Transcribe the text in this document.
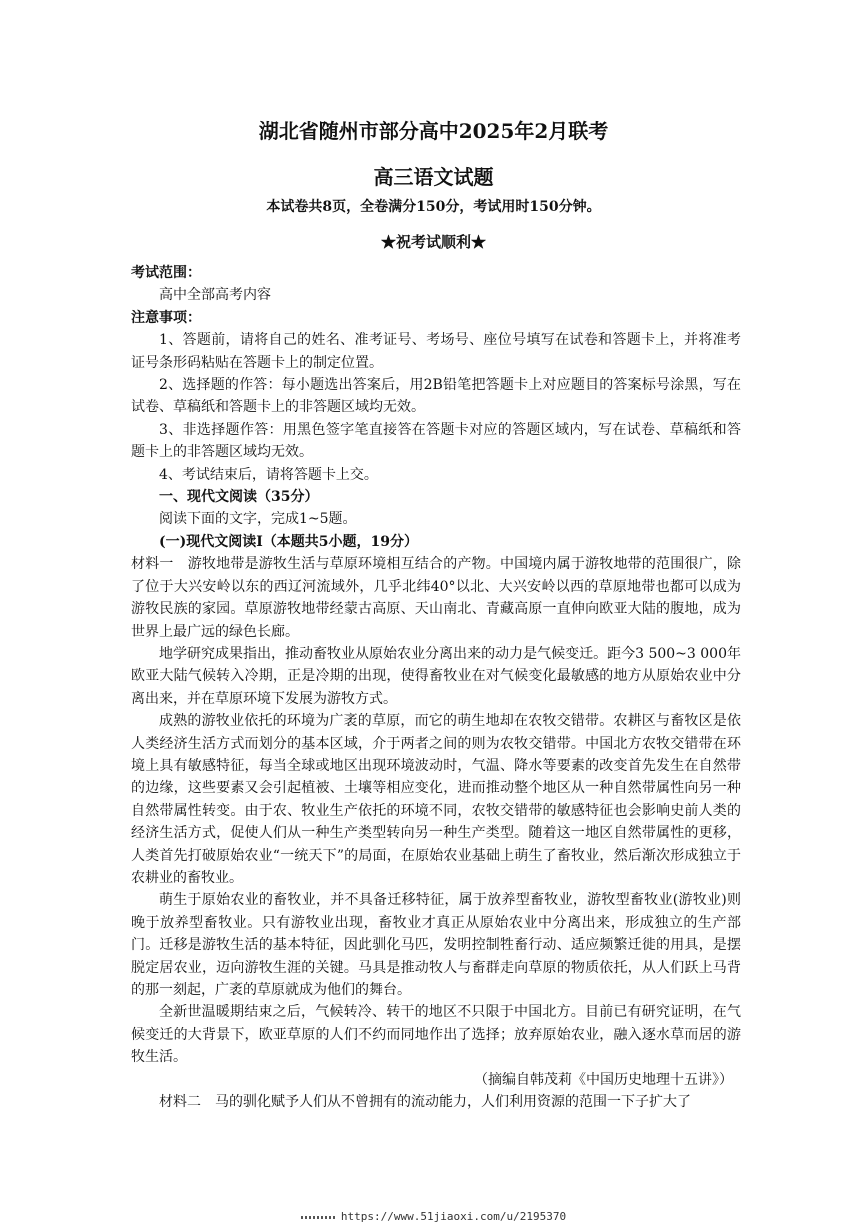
湖北省随州市部分高中2025年2月联考
高三语文试题
本试卷共8页，全卷满分150分，考试用时150分钟。
★祝考试顺利★

考试范围：

高中全部高考内容

注意事项：

1、答题前，请将自己的姓名、准考证号、考场号、座位号填写在试卷和答题卡上，并将准考证号条形码粘贴在答题卡上的制定位置。

2、选择题的作答：每小题选出答案后，用2B铅笔把答题卡上对应题目的答案标号涂黑，写在试卷、草稿纸和答题卡上的非答题区域均无效。

3、非选择题作答：用黑色签字笔直接答在答题卡对应的答题区域内，写在试卷、草稿纸和答题卡上的非答题区域均无效。

4、考试结束后，请将答题卡上交。

一、现代文阅读（35分）

阅读下面的文字，完成1~5题。

(一)现代文阅读Ⅰ（本题共5小题，19分）

材料一　游牧地带是游牧生活与草原环境相互结合的产物。中国境内属于游牧地带的范围很广，除了位于大兴安岭以东的西辽河流域外，几乎北纬40°以北、大兴安岭以西的草原地带也都可以成为游牧民族的家园。草原游牧地带经蒙古高原、天山南北、青藏高原一直伸向欧亚大陆的腹地，成为世界上最广远的绿色长廊。

地学研究成果指出，推动畜牧业从原始农业分离出来的动力是气候变迁。距今3 500~3 000年欧亚大陆气候转入冷期，正是冷期的出现，使得畜牧业在对气候变化最敏感的地方从原始农业中分离出来，并在草原环境下发展为游牧方式。

成熟的游牧业依托的环境为广袤的草原，而它的萌生地却在农牧交错带。农耕区与畜牧区是依人类经济生活方式而划分的基本区域，介于两者之间的则为农牧交错带。中国北方农牧交错带在环境上具有敏感特征，每当全球或地区出现环境波动时，气温、降水等要素的改变首先发生在自然带的边缘，这些要素又会引起植被、土壤等相应变化，进而推动整个地区从一种自然带属性向另一种自然带属性转变。由于农、牧业生产依托的环境不同，农牧交错带的敏感特征也会影响史前人类的经济生活方式，促使人们从一种生产类型转向另一种生产类型。随着这一地区自然带属性的更移，人类首先打破原始农业“一统天下”的局面，在原始农业基础上萌生了畜牧业，然后渐次形成独立于农耕业的畜牧业。

萌生于原始农业的畜牧业，并不具备迁移特征，属于放养型畜牧业，游牧型畜牧业(游牧业)则晚于放养型畜牧业。只有游牧业出现，畜牧业才真正从原始农业中分离出来，形成独立的生产部门。迁移是游牧生活的基本特征，因此驯化马匹，发明控制牲畜行动、适应频繁迁徙的用具，是摆脱定居农业，迈向游牧生涯的关键。马具是推动牧人与畜群走向草原的物质依托，从人们跃上马背的那一刻起，广袤的草原就成为他们的舞台。

全新世温暖期结束之后，气候转冷、转干的地区不只限于中国北方。目前已有研究证明，在气候变迁的大背景下，欧亚草原的人们不约而同地作出了选择；放弃原始农业，融入逐水草而居的游牧生活。

（摘编自韩茂莉《中国历史地理十五讲》）

材料二　马的驯化赋予人们从不曾拥有的流动能力，人们利用资源的范围一下子扩大了

https://www.51jiaoxi.com/u/2195370
